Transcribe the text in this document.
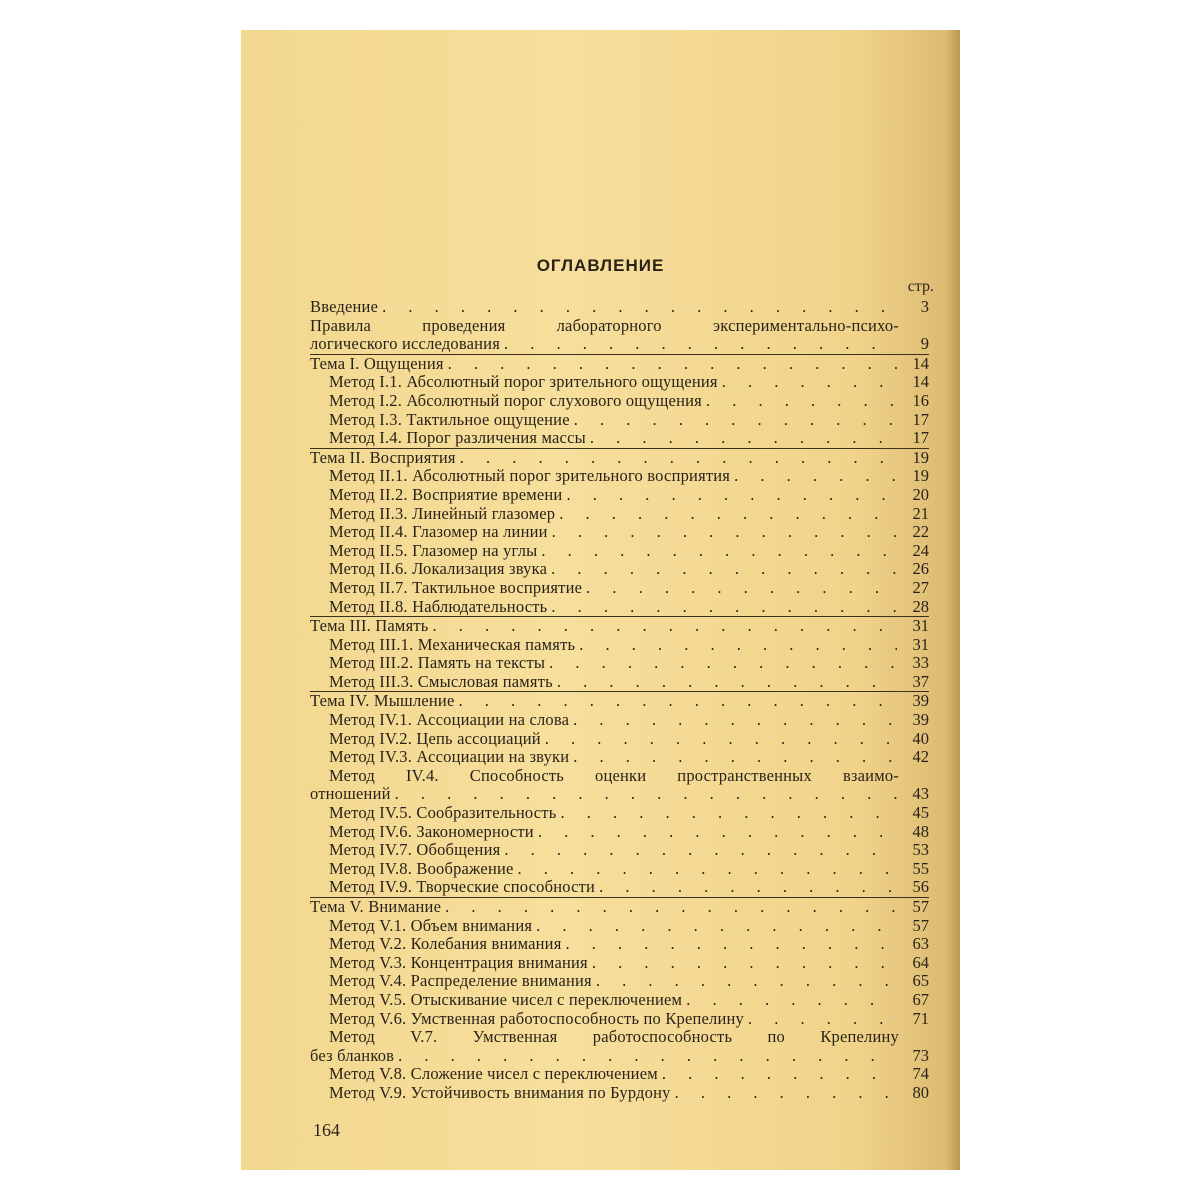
ОГЛАВЛЕНИЕ
стр.
Введение . . .	3
Правила проведения лабораторного экспериментально-психо-
логического исследования . . .	9
Тема I. Ощущения . . .	14
Метод I.1. Абсолютный порог зрительного ощущения . . .	14
Метод I.2. Абсолютный порог слухового ощущения . . .	16
Метод I.3. Тактильное ощущение . . .	17
Метод I.4. Порог различения массы . . .	17
Тема II. Восприятия . . .	19
Метод II.1. Абсолютный порог зрительного восприятия . . .	19
Метод II.2. Восприятие времени . . .	20
Метод II.3. Линейный глазомер . . .	21
Метод II.4. Глазомер на линии . . .	22
Метод II.5. Глазомер на углы . . .	24
Метод II.6. Локализация звука . . .	26
Метод II.7. Тактильное восприятие . . .	27
Метод II.8. Наблюдательность . . .	28
Тема III. Память . . .	31
Метод III.1. Механическая память . . .	31
Метод III.2. Память на тексты . . .	33
Метод III.3. Смысловая память . . .	37
Тема IV. Мышление . . .	39
Метод IV.1. Ассоциации на слова . . .	39
Метод IV.2. Цепь ассоциаций . . .	40
Метод IV.3. Ассоциации на звуки . . .	42
Метод IV.4. Способность оценки пространственных взаимо-
отношений . . .	43
Метод IV.5. Сообразительность . . .	45
Метод IV.6. Закономерности . . .	48
Метод IV.7. Обобщения . . .	53
Метод IV.8. Воображение . . .	55
Метод IV.9. Творческие способности . . .	56
Тема V. Внимание . . .	57
Метод V.1. Объем внимания . . .	57
Метод V.2. Колебания внимания . . .	63
Метод V.3. Концентрация внимания . . .	64
Метод V.4. Распределение внимания . . .	65
Метод V.5. Отыскивание чисел с переключением . . .	67
Метод V.6. Умственная работоспособность по Крепелину . . .	71
Метод V.7. Умственная работоспособность по Крепелину
без бланков . . .	73
Метод V.8. Сложение чисел с переключением . . .	74
Метод V.9. Устойчивость внимания по Бурдону . . .	80
164
